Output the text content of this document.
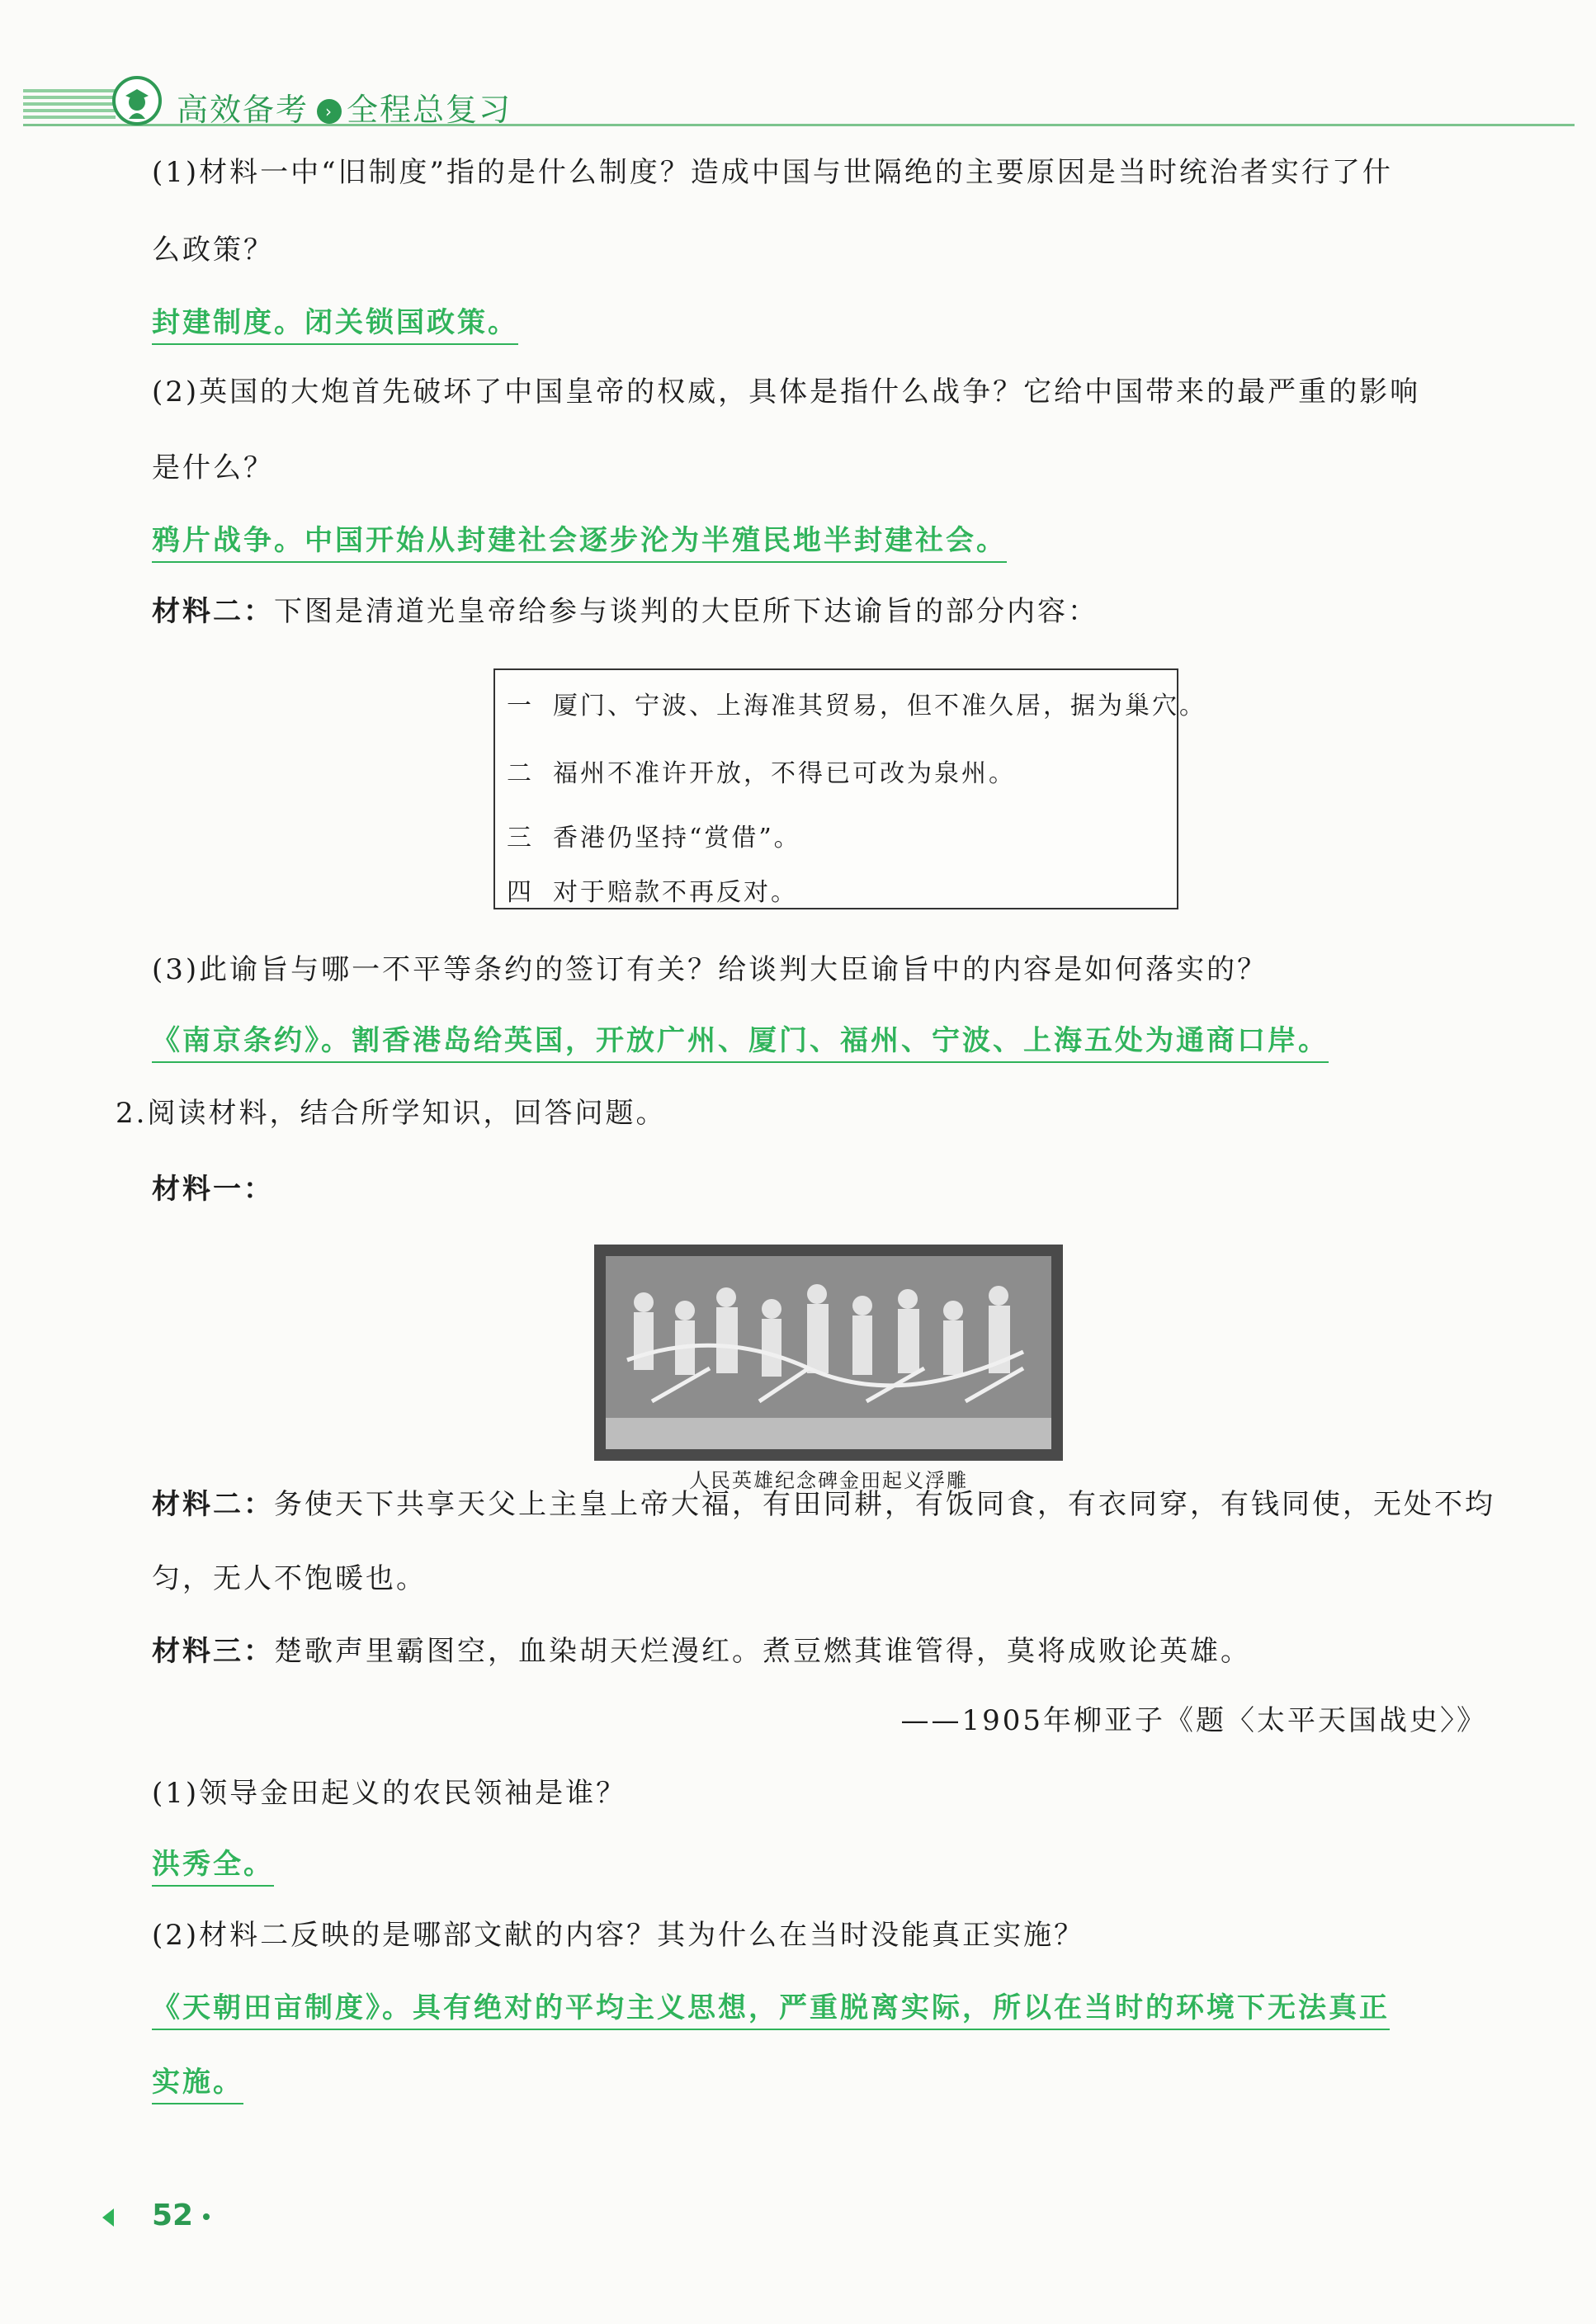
高效备考 › 全程总复习
(1)材料一中“旧制度”指的是什么制度？造成中国与世隔绝的主要原因是当时统治者实行了什
么政策？
封建制度。闭关锁国政策。
(2)英国的大炮首先破坏了中国皇帝的权威，具体是指什么战争？它给中国带来的最严重的影响
是什么？
鸦片战争。中国开始从封建社会逐步沦为半殖民地半封建社会。
材料二：下图是清道光皇帝给参与谈判的大臣所下达谕旨的部分内容：
一 厦门、宁波、上海准其贸易，但不准久居，据为巢穴。
二 福州不准许开放，不得已可改为泉州。
三 香港仍坚持“赏借”。
四 对于赔款不再反对。
(3)此谕旨与哪一不平等条约的签订有关？给谈判大臣谕旨中的内容是如何落实的？
《南京条约》。割香港岛给英国，开放广州、厦门、福州、宁波、上海五处为通商口岸。
2.阅读材料，结合所学知识，回答问题。
材料一：
人民英雄纪念碑金田起义浮雕
材料二：务使天下共享天父上主皇上帝大福，有田同耕，有饭同食，有衣同穿，有钱同使，无处不均
匀，无人不饱暖也。
材料三：楚歌声里霸图空，血染胡天烂漫红。煮豆燃萁谁管得，莫将成败论英雄。
——1905年柳亚子《题〈太平天国战史〉》
(1)领导金田起义的农民领袖是谁？
洪秀全。
(2)材料二反映的是哪部文献的内容？其为什么在当时没能真正实施？
《天朝田亩制度》。具有绝对的平均主义思想，严重脱离实际，所以在当时的环境下无法真正
实施。
52
